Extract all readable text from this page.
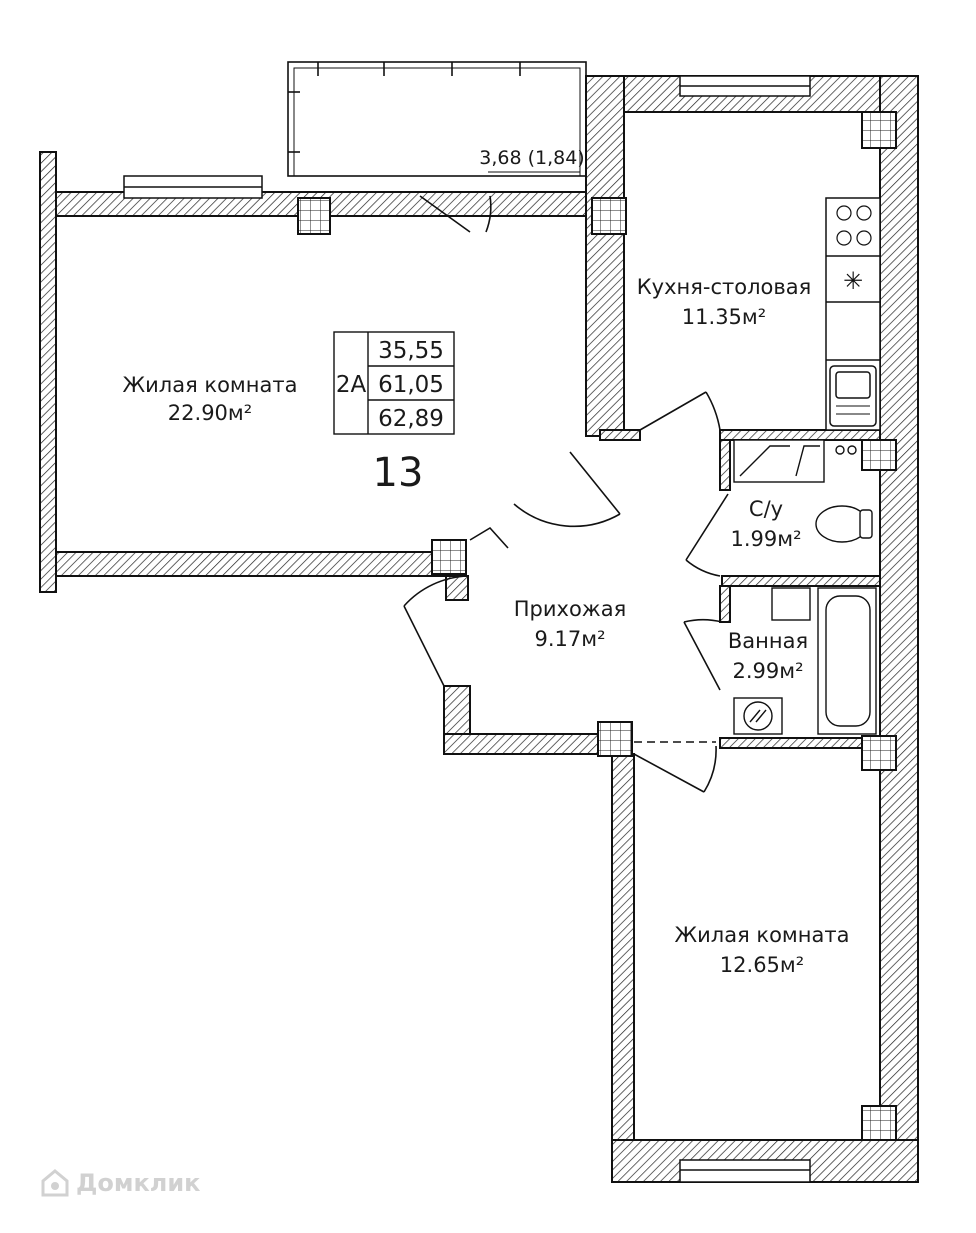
✳
2А
35,55
61,05
62,89
13
3,68 (1,84)
Жилая комната
22.90м²
Кухня-столовая
11.35м²
С/у
1.99м²
Прихожая
9.17м²	Ванная
2.99м²
Жилая комната
12.65м²
Домклик
